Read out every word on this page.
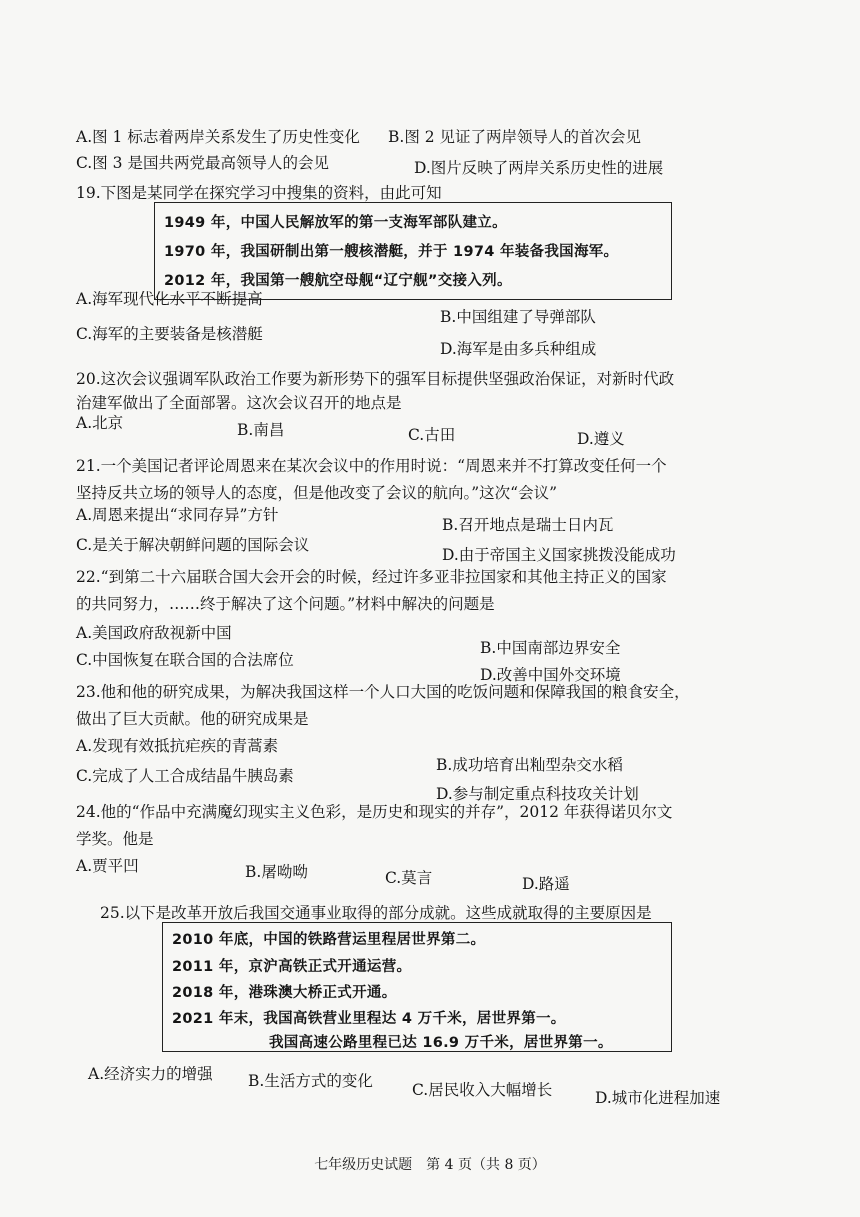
A.图 1 标志着两岸关系发生了历史性变化 B.图 2 见证了两岸领导人的首次会见
C.图 3 是国共两党最高领导人的会见	D.图片反映了两岸关系历史性的进展
19.下图是某同学在探究学习中搜集的资料，由此可知
1949 年，中国人民解放军的第一支海军部队建立。
1970 年，我国研制出第一艘核潜艇，并于 1974 年装备我国海军。
2012 年，我国第一艘航空母舰“辽宁舰”交接入列。
A.海军现代化水平不断提高
B.中国组建了导弹部队
C.海军的主要装备是核潜艇
D.海军是由多兵种组成
20.这次会议强调军队政治工作要为新形势下的强军目标提供坚强政治保证，对新时代政
治建军做出了全面部署。这次会议召开的地点是
A.北京	B.南昌	C.古田	D.遵义
21.一个美国记者评论周恩来在某次会议中的作用时说：“周恩来并不打算改变任何一个
坚持反共立场的领导人的态度，但是他改变了会议的航向。”这次“会议”
A.周恩来提出“求同存异”方针
B.召开地点是瑞士日内瓦
C.是关于解决朝鲜问题的国际会议
D.由于帝国主义国家挑拨没能成功
22.“到第二十六届联合国大会开会的时候，经过许多亚非拉国家和其他主持正义的国家
的共同努力，……终于解决了这个问题。”材料中解决的问题是
A.美国政府敌视新中国
B.中国南部边界安全
C.中国恢复在联合国的合法席位
D.改善中国外交环境
23.他和他的研究成果，为解决我国这样一个人口大国的吃饭问题和保障我国的粮食安全，
做出了巨大贡献。他的研究成果是
A.发现有效抵抗疟疾的青蒿素
B.成功培育出籼型杂交水稻
C.完成了人工合成结晶牛胰岛素
D.参与制定重点科技攻关计划
24.他的“作品中充满魔幻现实主义色彩，是历史和现实的并存”，2012 年获得诺贝尔文
学奖。他是
A.贾平凹	B.屠呦呦	C.莫言	D.路遥
25.以下是改革开放后我国交通事业取得的部分成就。这些成就取得的主要原因是
2010 年底，中国的铁路营运里程居世界第二。
2011 年，京沪高铁正式开通运营。
2018 年，港珠澳大桥正式开通。
2021 年末，我国高铁营业里程达 4 万千米，居世界第一。
我国高速公路里程已达 16.9 万千米，居世界第一。
A.经济实力的增强 B.生活方式的变化	C.居民收入大幅增长	D.城市化进程加速
七年级历史试题　第 4 页（共 8 页）
